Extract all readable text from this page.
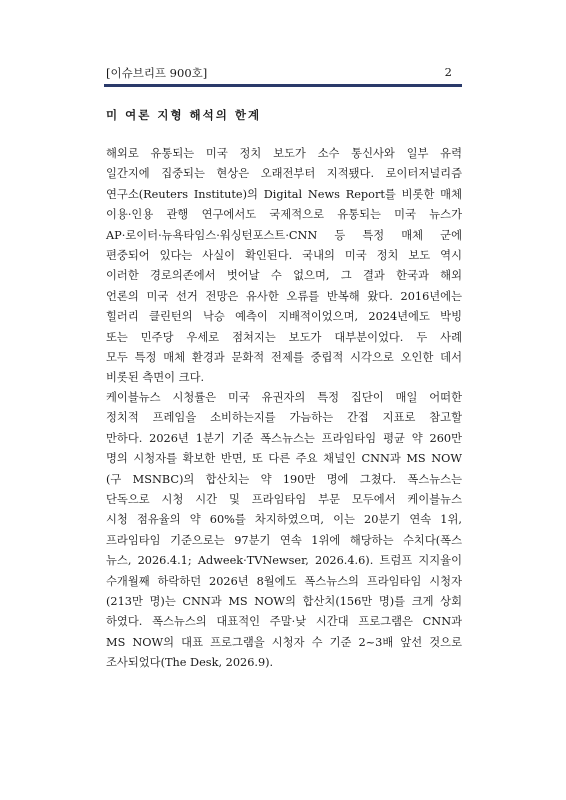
[이슈브리프 900호]	2
미 여론 지형 해석의 한계
해외로 유통되는 미국 정치 보도가 소수 통신사와 일부 유력
일간지에 집중되는 현상은 오래전부터 지적됐다. 로이터저널리즘
연구소(Reuters Institute)의 Digital News Report를 비롯한 매체
이용·인용 관행 연구에서도 국제적으로 유통되는 미국 뉴스가
AP·로이터·뉴욕타임스·워싱턴포스트·CNN 등 특정 매체 군에
편중되어 있다는 사실이 확인된다. 국내의 미국 정치 보도 역시
이러한 경로의존에서 벗어날 수 없으며, 그 결과 한국과 해외
언론의 미국 선거 전망은 유사한 오류를 반복해 왔다. 2016년에는
힐러리 클린턴의 낙승 예측이 지배적이었으며, 2024년에도 박빙
또는 민주당 우세로 점쳐지는 보도가 대부분이었다. 두 사례
모두 특정 매체 환경과 문화적 전제를 중립적 시각으로 오인한 데서
비롯된 측면이 크다.
케이블뉴스 시청률은 미국 유권자의 특정 집단이 매일 어떠한
정치적 프레임을 소비하는지를 가늠하는 간접 지표로 참고할
만하다. 2026년 1분기 기준 폭스뉴스는 프라임타임 평균 약 260만
명의 시청자를 확보한 반면, 또 다른 주요 채널인 CNN과 MS NOW
(구 MSNBC)의 합산치는 약 190만 명에 그쳤다. 폭스뉴스는
단독으로 시청 시간 및 프라임타임 부문 모두에서 케이블뉴스
시청 점유율의 약 60%를 차지하였으며, 이는 20분기 연속 1위,
프라임타임 기준으로는 97분기 연속 1위에 해당하는 수치다(폭스
뉴스, 2026.4.1; Adweek·TVNewser, 2026.4.6). 트럼프 지지율이
수개월째 하락하던 2026년 8월에도 폭스뉴스의 프라임타임 시청자
(213만 명)는 CNN과 MS NOW의 합산치(156만 명)를 크게 상회
하였다. 폭스뉴스의 대표적인 주말·낮 시간대 프로그램은 CNN과
MS NOW의 대표 프로그램을 시청자 수 기준 2~3배 앞선 것으로
조사되었다(The Desk, 2026.9).
